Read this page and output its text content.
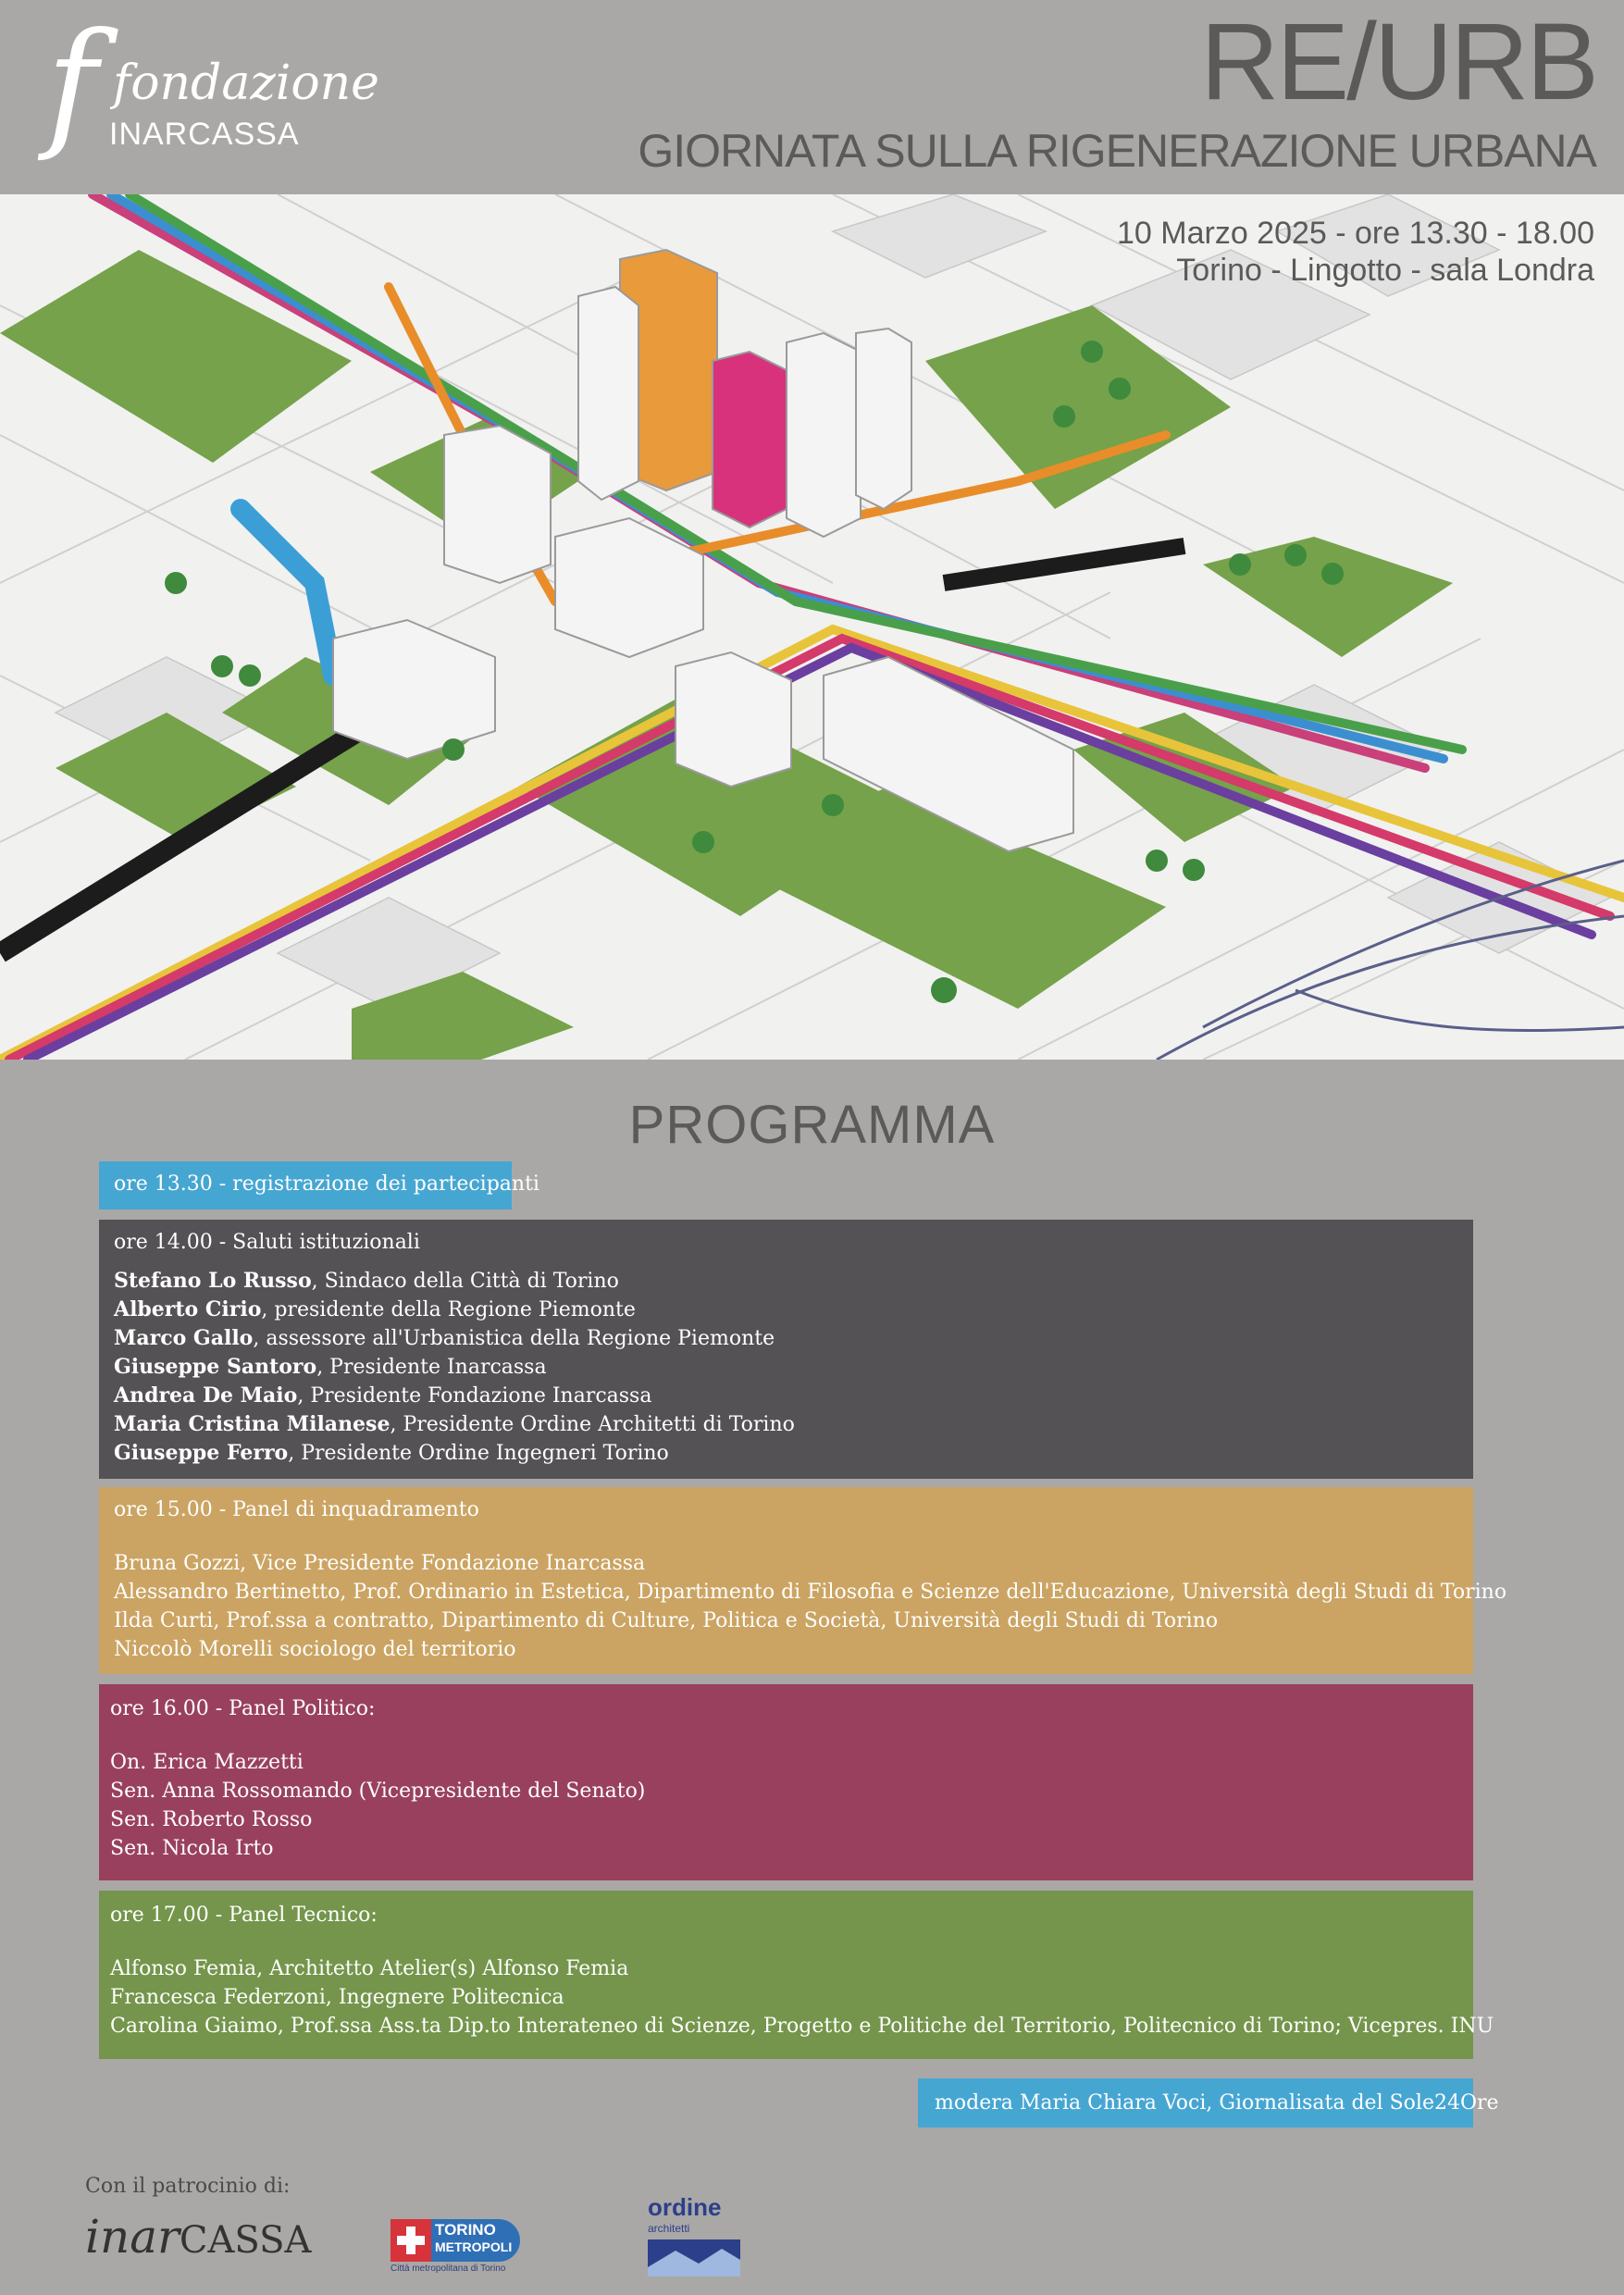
f fondazione
INARCASSA
RE/URB
GIORNATA SULLA RIGENERAZIONE URBANA
10 Marzo 2025 - ore 13.30 - 18.00
Torino - Lingotto - sala Londra
PROGRAMMA
ore 13.30 - registrazione dei partecipanti
ore 14.00 - Saluti istituzionali
Stefano Lo Russo, Sindaco della Città di Torino
Alberto Cirio, presidente della Regione Piemonte
Marco Gallo, assessore all'Urbanistica della Regione Piemonte
Giuseppe Santoro, Presidente Inarcassa
Andrea De Maio, Presidente Fondazione Inarcassa
Maria Cristina Milanese, Presidente Ordine Architetti di Torino
Giuseppe Ferro, Presidente Ordine Ingegneri Torino
ore 15.00 - Panel di inquadramento
Bruna Gozzi, Vice Presidente Fondazione Inarcassa
Alessandro Bertinetto, Prof. Ordinario in Estetica, Dipartimento di Filosofia e Scienze dell'Educazione, Università degli Studi di Torino
Ilda Curti, Prof.ssa a contratto, Dipartimento di Culture, Politica e Società, Università degli Studi di Torino
Niccolò Morelli sociologo del territorio
ore 16.00 - Panel Politico:
On. Erica Mazzetti
Sen. Anna Rossomando (Vicepresidente del Senato)
Sen. Roberto Rosso
Sen. Nicola Irto
ore 17.00 - Panel Tecnico:
Alfonso Femia, Architetto Atelier(s) Alfonso Femia
Francesca Federzoni, Ingegnere Politecnica
Carolina Giaimo, Prof.ssa Ass.ta Dip.to Interateneo di Scienze, Progetto e Politiche del Territorio, Politecnico di Torino; Vicepres. INU
modera Maria Chiara Voci, Giornalisata del Sole24Ore
Con il patrocinio di:
inarCASSA	TORINO
METROPOLI
Città metropolitana di Torino
ordine
architetti
